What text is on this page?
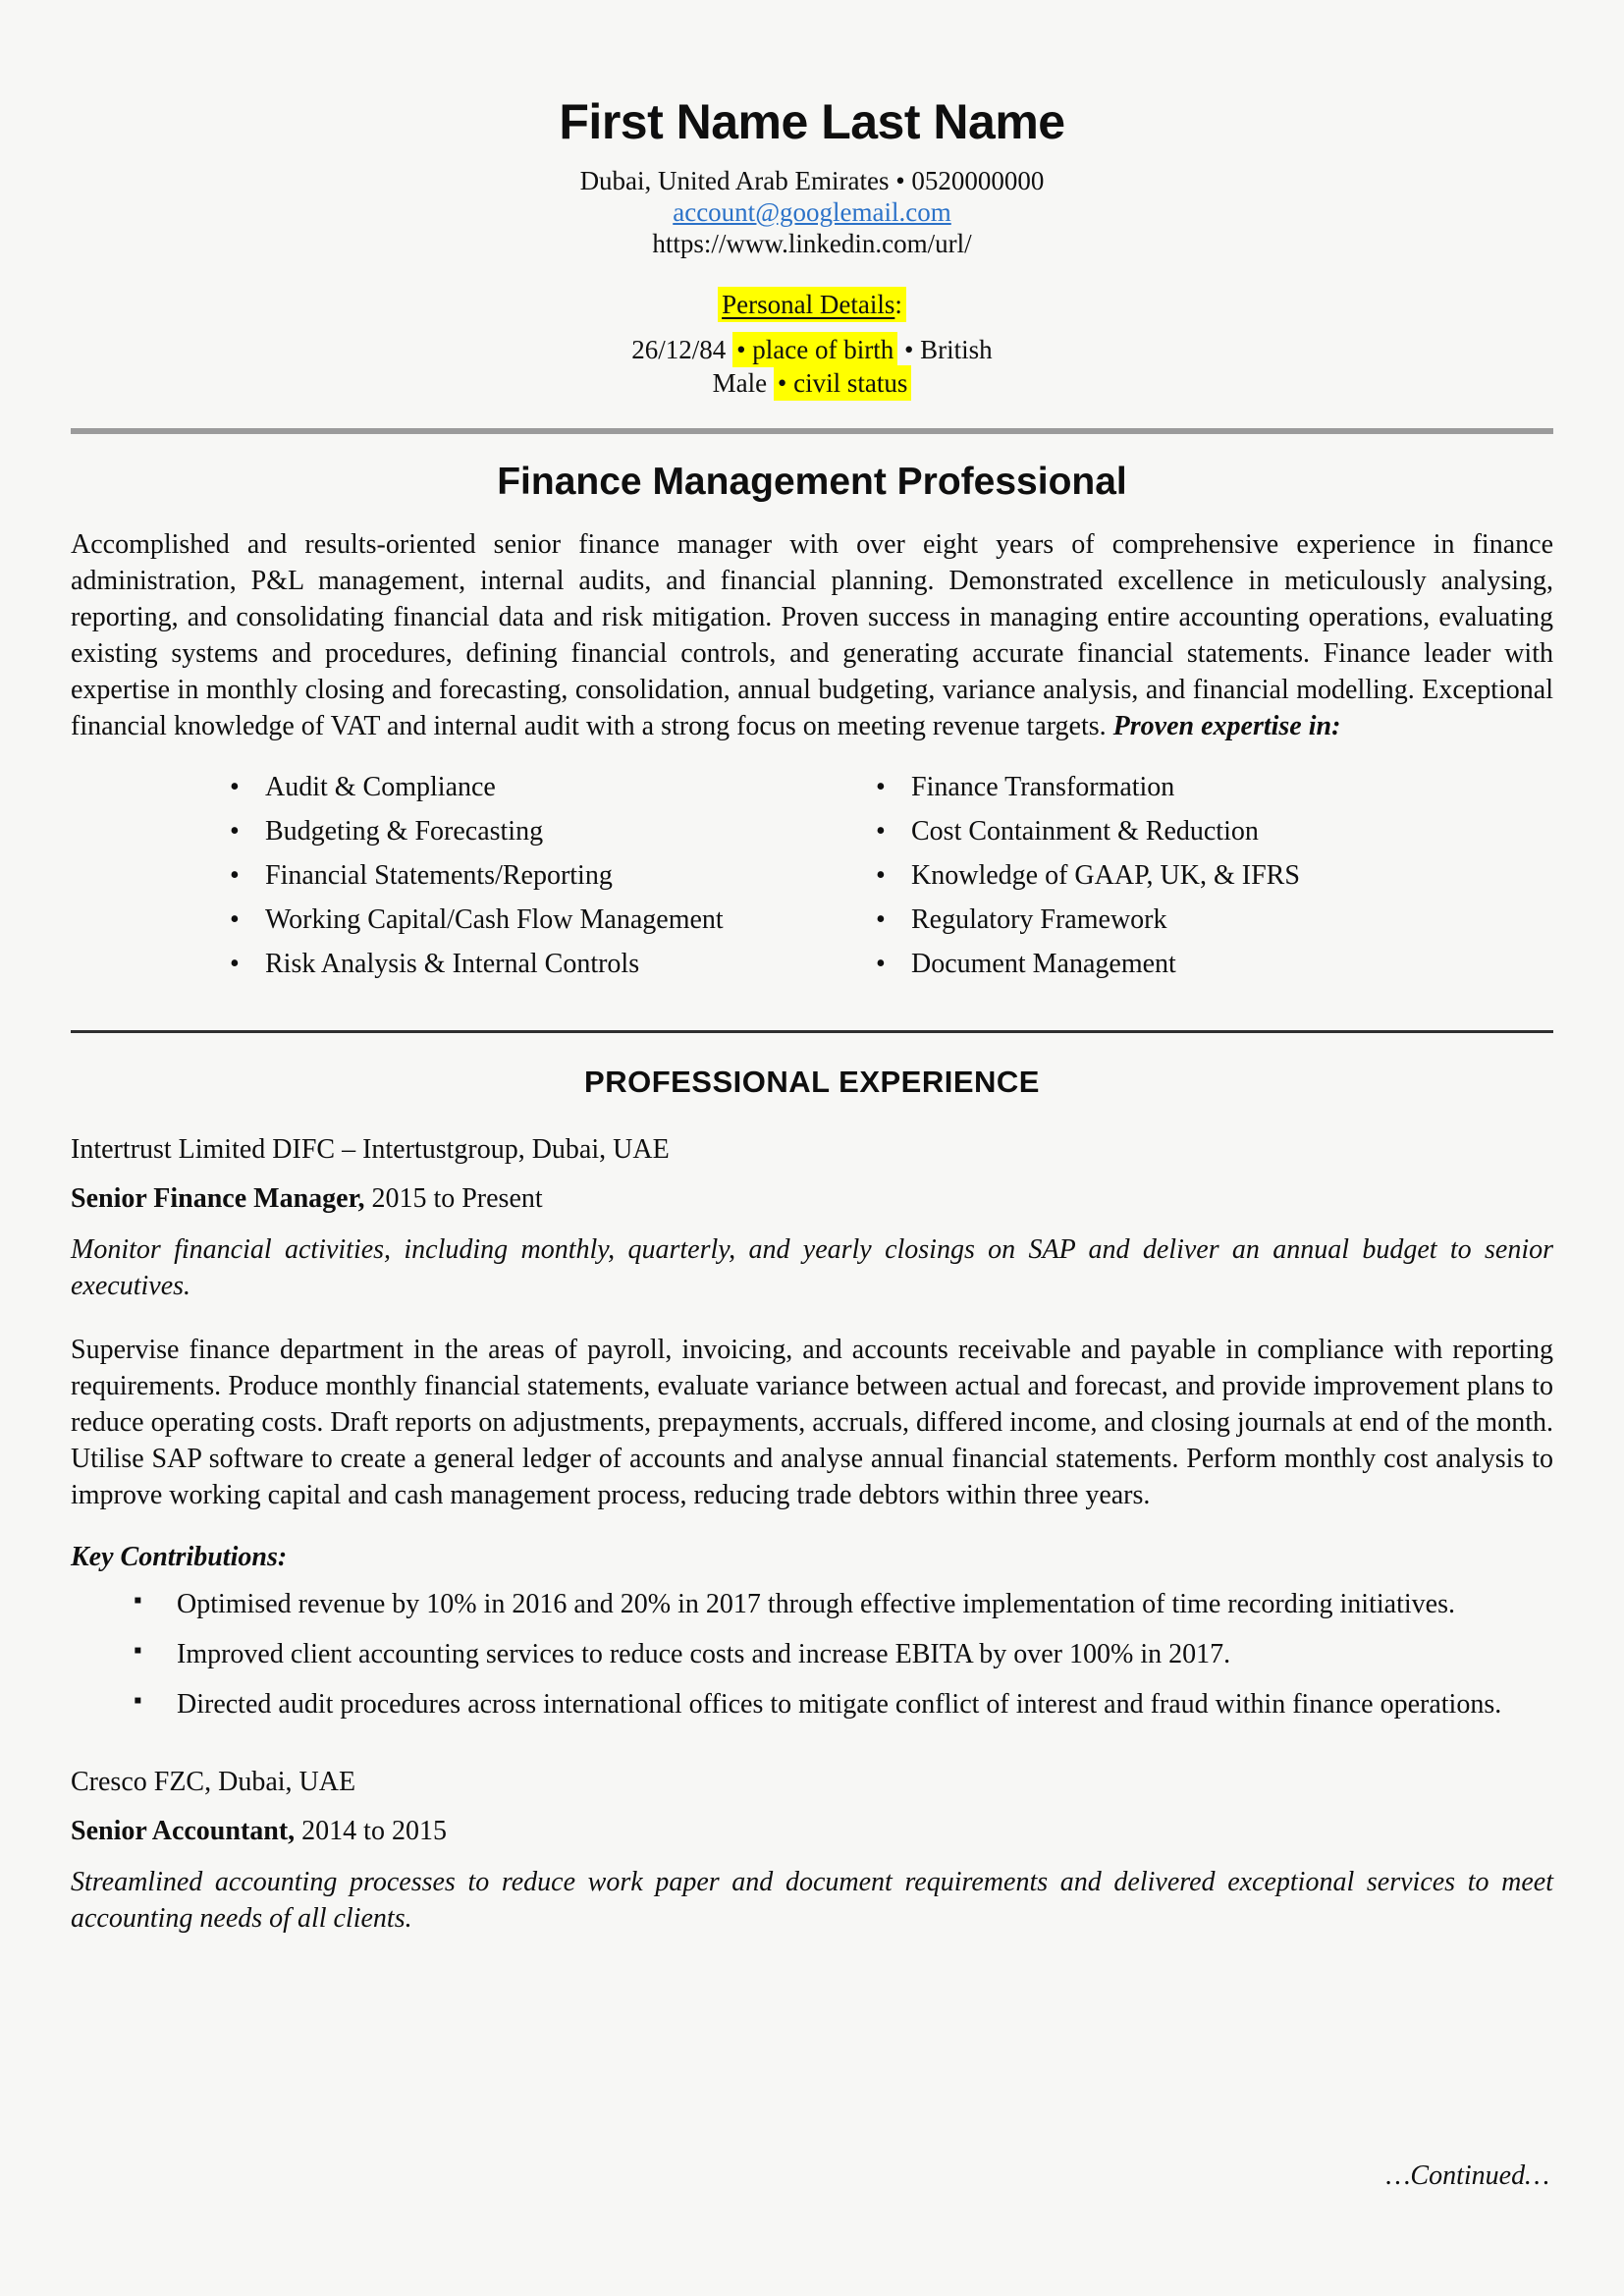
First Name Last Name
Dubai, United Arab Emirates • 0520000000
account@googlemail.com
https://www.linkedin.com/url/
Personal Details:
26/12/84 • place of birth • British
Male • civil status
Finance Management Professional

Accomplished and results-oriented senior finance manager with over eight years of comprehensive experience in finance administration, P&L management, internal audits, and financial planning. Demonstrated excellence in meticulously analysing, reporting, and consolidating financial data and risk mitigation. Proven success in managing entire accounting operations, evaluating existing systems and procedures, defining financial controls, and generating accurate financial statements. Finance leader with expertise in monthly closing and forecasting, consolidation, annual budgeting, variance analysis, and financial modelling. Exceptional financial knowledge of VAT and internal audit with a strong focus on meeting revenue targets. Proven expertise in:

• Audit & Compliance
• Budgeting & Forecasting
• Financial Statements/Reporting
• Working Capital/Cash Flow Management
• Risk Analysis & Internal Controls
• Finance Transformation
• Cost Containment & Reduction
• Knowledge of GAAP, UK, & IFRS
• Regulatory Framework
• Document Management
PROFESSIONAL EXPERIENCE
Intertrust Limited DIFC – Intertustgroup, Dubai, UAE
Senior Finance Manager, 2015 to Present

Monitor financial activities, including monthly, quarterly, and yearly closings on SAP and deliver an annual budget to senior executives.

Supervise finance department in the areas of payroll, invoicing, and accounts receivable and payable in compliance with reporting requirements. Produce monthly financial statements, evaluate variance between actual and forecast, and provide improvement plans to reduce operating costs. Draft reports on adjustments, prepayments, accruals, differed income, and closing journals at end of the month. Utilise SAP software to create a general ledger of accounts and analyse annual financial statements. Perform monthly cost analysis to improve working capital and cash management process, reducing trade debtors within three years.

Key Contributions:
▪ Optimised revenue by 10% in 2016 and 20% in 2017 through effective implementation of time recording initiatives.
▪ Improved client accounting services to reduce costs and increase EBITA by over 100% in 2017.
▪ Directed audit procedures across international offices to mitigate conflict of interest and fraud within finance operations.
Cresco FZC, Dubai, UAE
Senior Accountant, 2014 to 2015

Streamlined accounting processes to reduce work paper and document requirements and delivered exceptional services to meet accounting needs of all clients.

…Continued…
